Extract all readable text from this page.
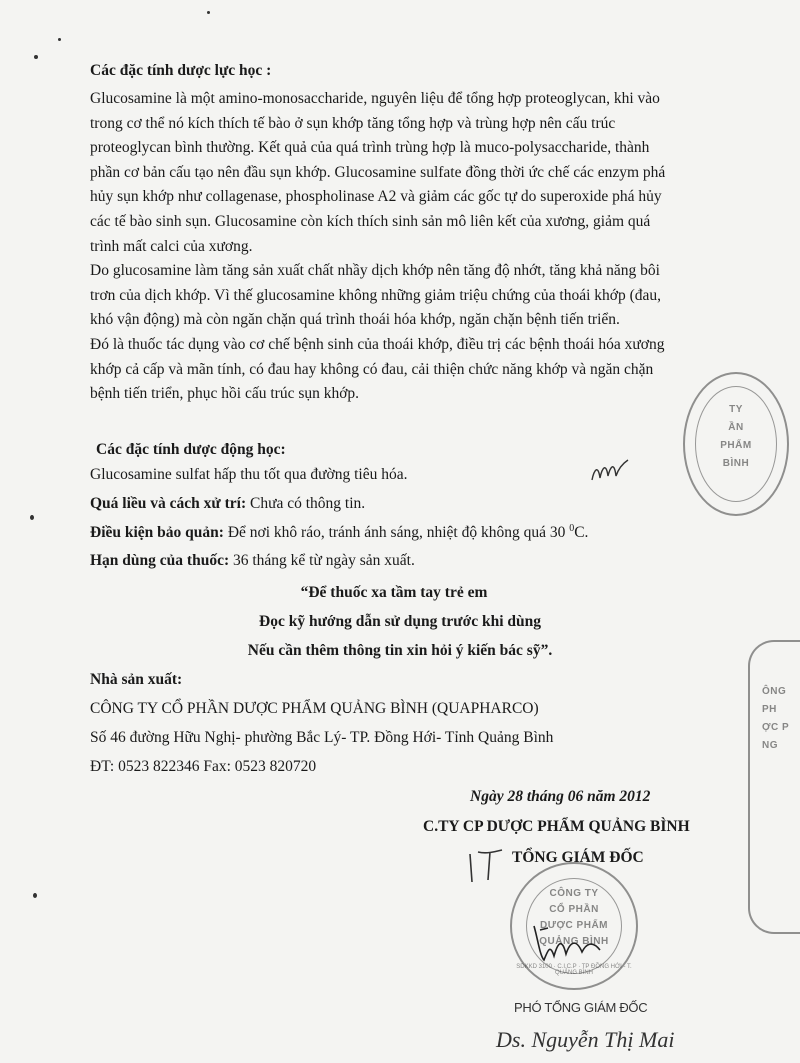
Các đặc tính dược lực học :
Glucosamine là một amino-monosaccharide, nguyên liệu để tổng hợp proteoglycan, khi vào
trong cơ thể nó kích thích tế bào ở sụn khớp tăng tổng hợp và trùng hợp nên cấu trúc
proteoglycan bình thường. Kết quả của quá trình trùng hợp là muco-polysaccharide, thành
phần cơ bản cấu tạo nên đầu sụn khớp. Glucosamine sulfate đồng thời ức chế các enzym phá
hủy sụn khớp như collagenase, phospholinase A2 và giảm các gốc tự do superoxide phá hủy
các tế bào sinh sụn. Glucosamine còn kích thích sinh sản mô liên kết của xương, giảm quá
trình mất calci của xương.
Do glucosamine làm tăng sản xuất chất nhầy dịch khớp nên tăng độ nhớt, tăng khả năng bôi
trơn của dịch khớp. Vì thế glucosamine không những giảm triệu chứng của thoái khớp (đau,
khó vận động) mà còn ngăn chặn quá trình thoái hóa khớp, ngăn chặn bệnh tiến triển.
Đó là thuốc tác dụng vào cơ chế bệnh sinh của thoái khớp, điều trị các bệnh thoái hóa xương
khớp cả cấp và mãn tính, có đau hay không có đau, cải thiện chức năng khớp và ngăn chặn
bệnh tiến triển, phục hồi cấu trúc sụn khớp.
Các đặc tính dược động học:
Glucosamine sulfat hấp thu tốt qua đường tiêu hóa.
Quá liều và cách xử trí: Chưa có thông tin.
Điều kiện bảo quản: Để nơi khô ráo, tránh ánh sáng, nhiệt độ không quá 30 $^0$C.
Hạn dùng của thuốc: 36 tháng kể từ ngày sản xuất.
“Để thuốc xa tầm tay trẻ em
Đọc kỹ hướng dẫn sử dụng trước khi dùng
Nếu cần thêm thông tin xin hỏi ý kiến bác sỹ”.
Nhà sản xuất:
CÔNG TY CỔ PHẦN DƯỢC PHẨM QUẢNG BÌNH (QUAPHARCO)
Số 46 đường Hữu Nghị- phường Bắc Lý- TP. Đồng Hới- Tỉnh Quảng Bình
ĐT: 0523 822346 Fax: 0523 820720
Ngày 28 tháng 06 năm 2012
C.TY CP DƯỢC PHẨM QUẢNG BÌNH
TỔNG GIÁM ĐỐC
CÔNG TY
CỔ PHẦN
DƯỢC PHẨM
QUẢNG BÌNH
SDKKD 3100 · C.I.C.P · TP ĐỒNG HỚI - T. QUẢNG BÌNH
TY
ẦN
PHẨM
BÌNH
ÔNG
PH
ỢC P
NG
PHÓ TỔNG GIÁM ĐỐC
Ds. Nguyễn Thị Mai
